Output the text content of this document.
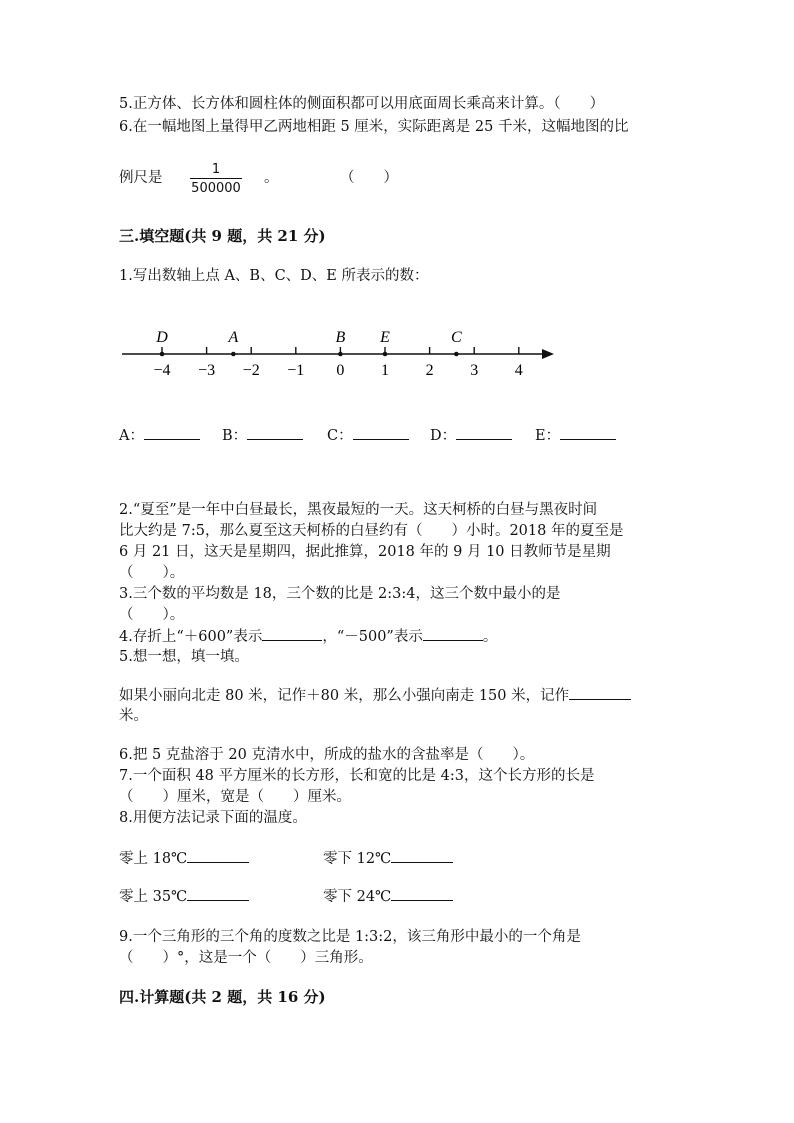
5.正方体、长方体和圆柱体的侧面积都可以用底面周长乘高来计算。（　　）
6.在一幅地图上量得甲乙两地相距 5 厘米，实际距离是 25 千米，这幅地图的比
例尺是 $\frac{1}{500000}$ 。	（　　）
三.填空题(共 9 题，共 21 分)
1.写出数轴上点 A、B、C、D、E 所表示的数：
−4 −3 −2 −1 0 1 2 3 4
D	A	B E	C
A：	B：	C：	D：	E：
2.“夏至”是一年中白昼最长，黑夜最短的一天。这天柯桥的白昼与黑夜时间
比大约是 7:5，那么夏至这天柯桥的白昼约有（　　）小时。2018 年的夏至是
6 月 21 日，这天是星期四，据此推算，2018 年的 9 月 10 日教师节是星期
（　　）。
3.三个数的平均数是 18，三个数的比是 2:3:4，这三个数中最小的是
（　　）。
4.存折上“＋600”表示	，“－500”表示	。
5.想一想，填一填。
如果小丽向北走 80 米，记作＋80 米，那么小强向南走 150 米，记作
米。
6.把 5 克盐溶于 20 克清水中，所成的盐水的含盐率是（　　）。
7.一个面积 48 平方厘米的长方形，长和宽的比是 4:3，这个长方形的长是
（　　）厘米，宽是（　　）厘米。
8.用便方法记录下面的温度。
零上 18℃	零下 12℃
零上 35℃	零下 24℃
9.一个三角形的三个角的度数之比是 1:3:2，该三角形中最小的一个角是
（　　）°，这是一个（　　）三角形。
四.计算题(共 2 题，共 16 分)
